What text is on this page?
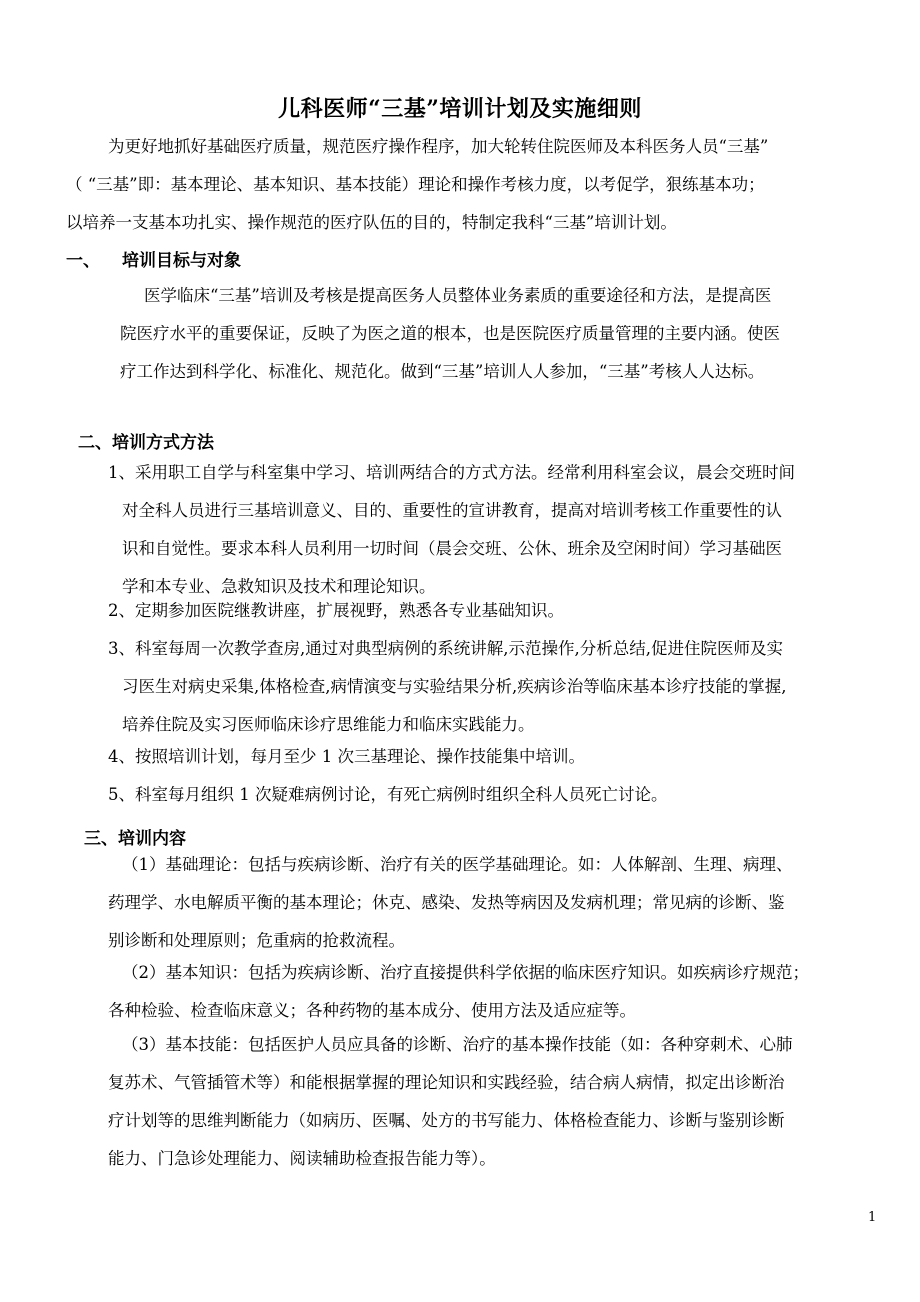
儿科医师“三基”培训计划及实施细则
为更好地抓好基础医疗质量，规范医疗操作程序，加大轮转住院医师及本科医务人员“三基”
（ “三基”即：基本理论、基本知识、基本技能）理论和操作考核力度，以考促学，狠练基本功；
以培养一支基本功扎实、操作规范的医疗队伍的目的，特制定我科“三基”培训计划。
一、 培训目标与对象
医学临床“三基”培训及考核是提高医务人员整体业务素质的重要途径和方法，是提高医
院医疗水平的重要保证，反映了为医之道的根本，也是医院医疗质量管理的主要内涵。使医
疗工作达到科学化、标准化、规范化。做到“三基”培训人人参加，“三基”考核人人达标。
二、培训方式方法
1、采用职工自学与科室集中学习、培训两结合的方式方法。经常利用科室会议，晨会交班时间
对全科人员进行三基培训意义、目的、重要性的宣讲教育，提高对培训考核工作重要性的认
识和自觉性。要求本科人员利用一切时间（晨会交班、公休、班余及空闲时间）学习基础医
学和本专业、急救知识及技术和理论知识。
2、定期参加医院继教讲座，扩展视野，熟悉各专业基础知识。
3、科室每周一次教学查房,通过对典型病例的系统讲解,示范操作,分析总结,促进住院医师及实
习医生对病史采集,体格检查,病情演变与实验结果分析,疾病诊治等临床基本诊疗技能的掌握,
培养住院及实习医师临床诊疗思维能力和临床实践能力。
4、按照培训计划，每月至少 1 次三基理论、操作技能集中培训。
5、科室每月组织 1 次疑难病例讨论，有死亡病例时组织全科人员死亡讨论。
三、培训内容
（1）基础理论：包括与疾病诊断、治疗有关的医学基础理论。如：人体解剖、生理、病理、
药理学、水电解质平衡的基本理论；休克、感染、发热等病因及发病机理；常见病的诊断、鉴
别诊断和处理原则；危重病的抢救流程。
（2）基本知识：包括为疾病诊断、治疗直接提供科学依据的临床医疗知识。如疾病诊疗规范；
各种检验、检查临床意义；各种药物的基本成分、使用方法及适应症等。
（3）基本技能：包括医护人员应具备的诊断、治疗的基本操作技能（如：各种穿刺术、心肺
复苏术、气管插管术等）和能根据掌握的理论知识和实践经验，结合病人病情，拟定出诊断治
疗计划等的思维判断能力（如病历、医嘱、处方的书写能力、体格检查能力、诊断与鉴别诊断
能力、门急诊处理能力、阅读辅助检查报告能力等）。
1
